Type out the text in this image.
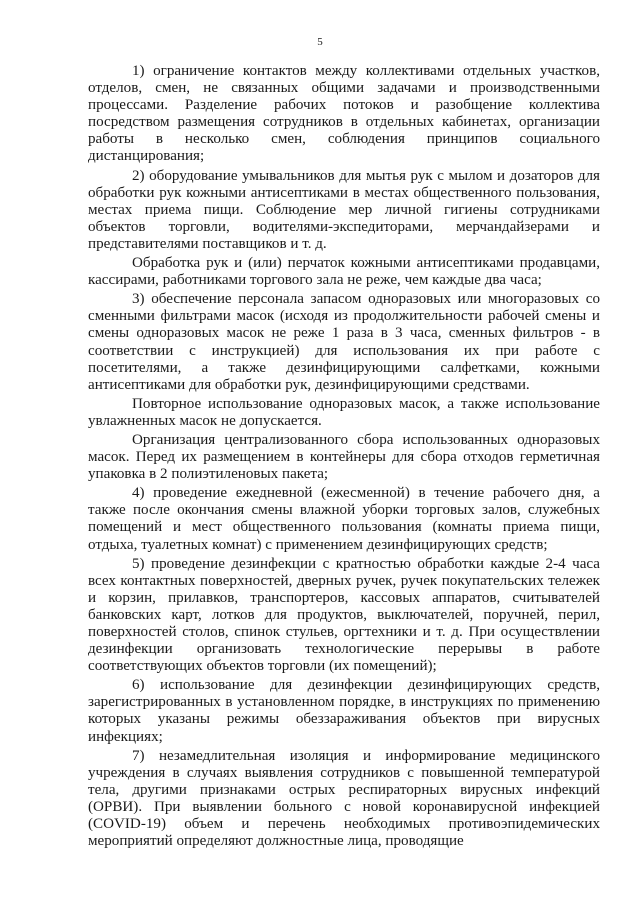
5

1) ограничение контактов между коллективами отдельных участков, отделов, смен, не связанных общими задачами и производственными процессами. Разделение рабочих потоков и разобщение коллектива посредством размещения сотрудников в отдельных кабинетах, организации работы в несколько смен, соблюдения принципов социального дистанцирования;

2) оборудование умывальников для мытья рук с мылом и дозаторов для обработки рук кожными антисептиками в местах общественного пользования, местах приема пищи. Соблюдение мер личной гигиены сотрудниками объектов торговли, водителями-экспедиторами, мерчандайзерами и представителями поставщиков и т. д.

Обработка рук и (или) перчаток кожными антисептиками продавцами, кассирами, работниками торгового зала не реже, чем каждые два часа;

3) обеспечение персонала запасом одноразовых или многоразовых со сменными фильтрами масок (исходя из продолжительности рабочей смены и смены одноразовых масок не реже 1 раза в 3 часа, сменных фильтров - в соответствии с инструкцией) для использования их при работе с посетителями, а также дезинфицирующими салфетками, кожными антисептиками для обработки рук, дезинфицирующими средствами.

Повторное использование одноразовых масок, а также использование увлажненных масок не допускается.

Организация централизованного сбора использованных одноразовых масок. Перед их размещением в контейнеры для сбора отходов герметичная упаковка в 2 полиэтиленовых пакета;

4) проведение ежедневной (ежесменной) в течение рабочего дня, а также после окончания смены влажной уборки торговых залов, служебных помещений и мест общественного пользования (комнаты приема пищи, отдыха, туалетных комнат) с применением дезинфицирующих средств;

5) проведение дезинфекции с кратностью обработки каждые 2-4 часа всех контактных поверхностей, дверных ручек, ручек покупательских тележек и корзин, прилавков, транспортеров, кассовых аппаратов, считывателей банковских карт, лотков для продуктов, выключателей, поручней, перил, поверхностей столов, спинок стульев, оргтехники и т. д. При осуществлении дезинфекции организовать технологические перерывы в работе соответствующих объектов торговли (их помещений);

6) использование для дезинфекции дезинфицирующих средств, зарегистрированных в установленном порядке, в инструкциях по применению которых указаны режимы обеззараживания объектов при вирусных инфекциях;

7) незамедлительная изоляция и информирование медицинского учреждения в случаях выявления сотрудников с повышенной температурой тела, другими признаками острых респираторных вирусных инфекций (ОРВИ). При выявлении больного с новой коронавирусной инфекцией (COVID-19) объем и перечень необходимых противоэпидемических мероприятий определяют должностные лица, проводящие
